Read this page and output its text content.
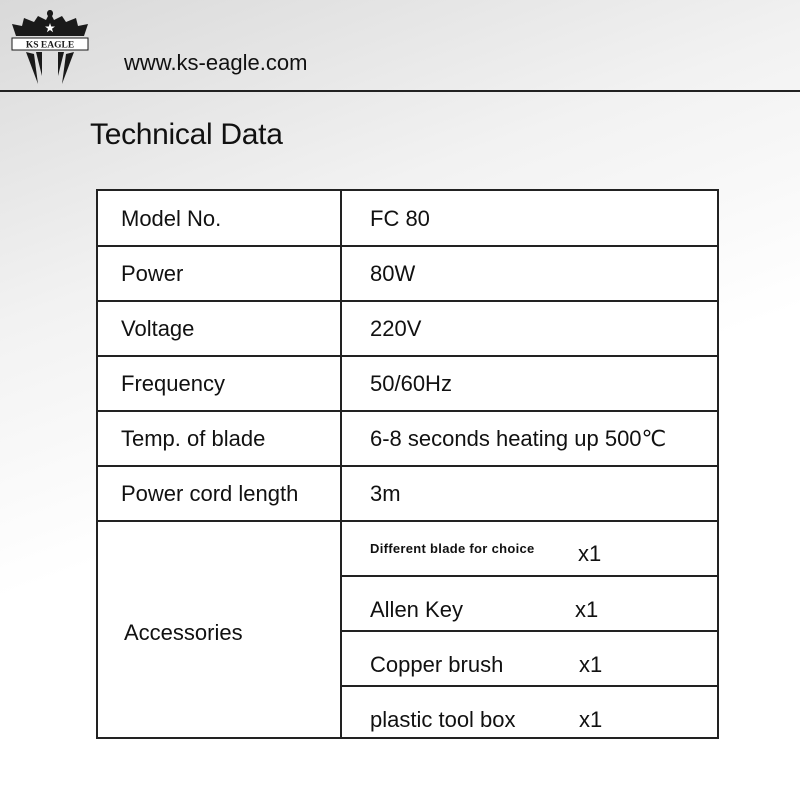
KS EAGLE
www.ks-eagle.com
Technical Data
Model No.	FC 80
Power	80W
Voltage	220V
Frequency	50/60Hz
Temp. of blade	6-8 seconds heating up 500℃
Power cord length	3m
Accessories
Different blade for choice x1
Allen Key	x1
Copper brush	x1
plastic tool box	x1
